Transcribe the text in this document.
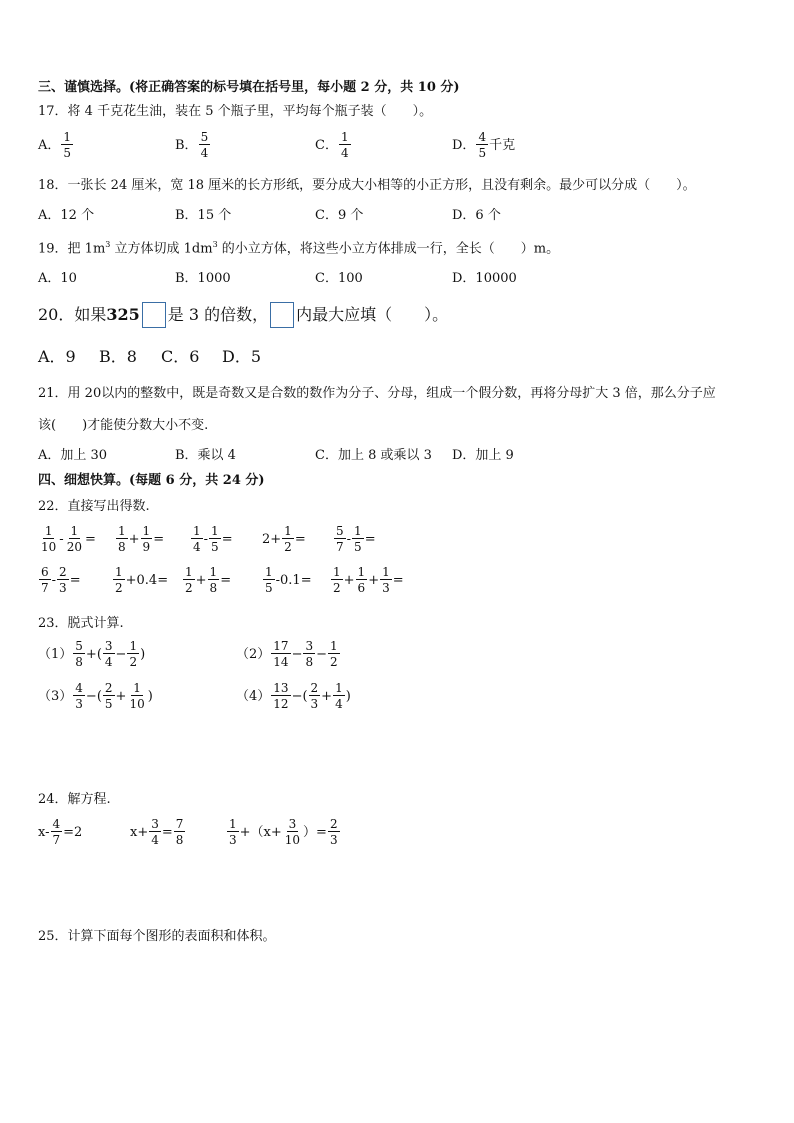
三、谨慎选择。(将正确答案的标号填在括号里，每小题 2 分，共 10 分)
17．将 4 千克花生油，装在 5 个瓶子里，平均每个瓶子装（　　）。
A． $\frac{1}{5}$	B． $\frac{5}{4}$	C． $\frac{1}{4}$	D． $\frac{4}{5}$ 千克
18．一张长 24 厘米，宽 18 厘米的长方形纸，要分成大小相等的小正方形，且没有剩余。最少可以分成（　　）。
A．12 个	B．15 个	C．9 个	D．6 个
19．把 $1m^3$ 立方体切成 $1dm^3$ 的小立方体，将这些小立方体排成一行，全长（　　）m。
A．10	B．1000	C．100	D．10000
20．如果 325 是 3 的倍数， 内最大应填（　　）。
A．9 B．8 C．6 D．5
21．用 20以内的整数中，既是奇数又是合数的数作为分子、分母，组成一个假分数，再将分母扩大 3 倍，那么分子应
该(　　)才能使分数大小不变.
A．加上 30	B．乘以 4	C．加上 8 或乘以 3 D．加上 9
四、细想快算。(每题 6 分，共 24 分)
22．直接写出得数.
$\frac{1}{10} - \frac{1}{20} = \frac{1}{8} + \frac{1}{9} = \frac{1}{4} - \frac{1}{5} = 2+ \frac{1}{2} = \frac{5}{7} - \frac{1}{5}$ =
$\frac{6}{7} - \frac{2}{3}$ =	$\frac{1}{2} +0.4= \frac{1}{2} + \frac{1}{8}$ =	$\frac{1}{5} -0.1= \frac{1}{2} + \frac{1}{6} + \frac{1}{3}$ =
23．脱式计算.
$(1) \frac{5}{8}$ +( $\frac{3}{4} - \frac{1}{2}$ )	$(2) \frac{17}{14} - \frac{3}{8} - \frac{1}{2}$
$(3) \frac{4}{3}$ −( $\frac{2}{5} + \frac{1}{10}$ )	$(4) \frac{13}{12}$ −( $\frac{2}{3} + \frac{1}{4}$ )
24．解方程.
$x- \frac{4}{7} =2$	$x+ \frac{3}{4} = \frac{7}{8}$	$\frac{1}{3} +(x+ \frac{3}{10}$ ）= $\frac{2}{3}$
25．计算下面每个图形的表面积和体积。
